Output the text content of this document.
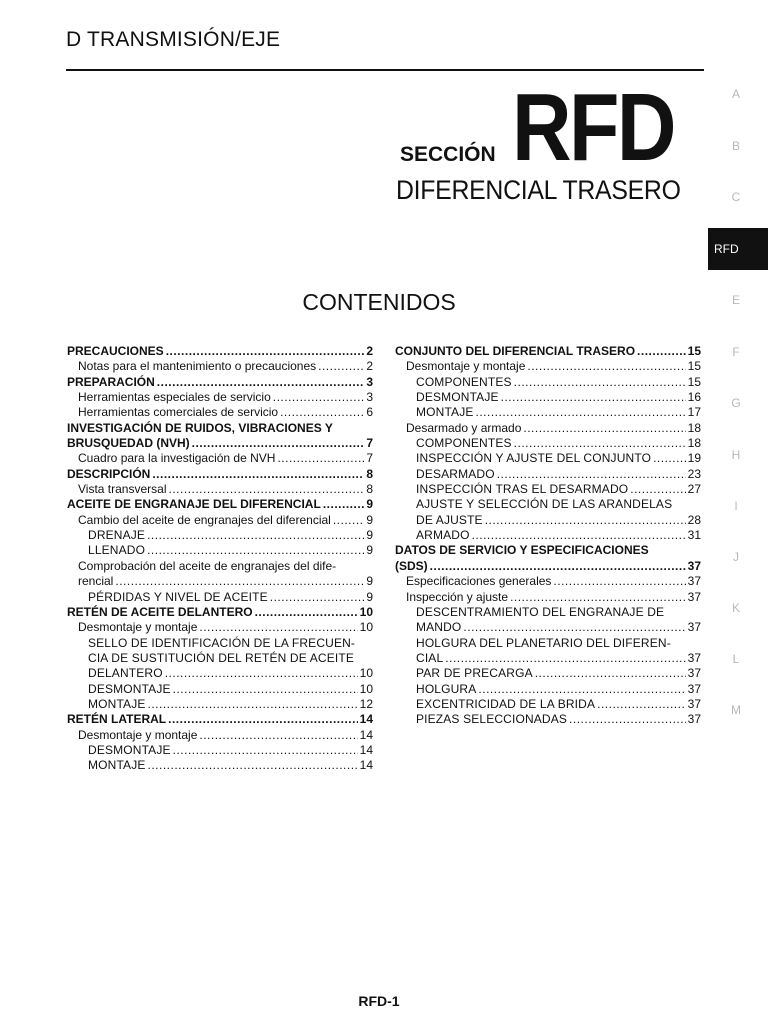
D TRANSMISIÓN/EJE
SECCIÓN RFD
DIFERENCIAL TRASERO
CONTENIDOS
A
B
C
RFD
E
F
G
H
I
J
K
L
M
PRECAUCIONES .....	2
Notas para el mantenimiento o precauciones .....	2
PREPARACIÓN .....	3
Herramientas especiales de servicio .....	3
Herramientas comerciales de servicio .....	6
INVESTIGACIÓN DE RUIDOS, VIBRACIONES Y
BRUSQUEDAD (NVH) .....	7
Cuadro para la investigación de NVH .....	7
DESCRIPCIÓN .....	8
Vista transversal .....	8
ACEITE DE ENGRANAJE DEL DIFERENCIAL .....	9
Cambio del aceite de engranajes del diferencial .....	9
DRENAJE .....	9
LLENADO .....	9
Comprobación del aceite de engranajes del dife-
rencial .....	9
PÉRDIDAS Y NIVEL DE ACEITE .....	9
RETÉN DE ACEITE DELANTERO .....	10
Desmontaje y montaje .....	10
SELLO DE IDENTIFICACIÓN DE LA FRECUEN-
CIA DE SUSTITUCIÓN DEL RETÉN DE ACEITE
DELANTERO .....	10
DESMONTAJE .....	10
MONTAJE .....	12
RETÉN LATERAL .....	14
Desmontaje y montaje .....	14
DESMONTAJE .....	14
MONTAJE .....	14
CONJUNTO DEL DIFERENCIAL TRASERO .....	15
Desmontaje y montaje .....	15
COMPONENTES .....	15
DESMONTAJE .....	16
MONTAJE .....	17
Desarmado y armado .....	18
COMPONENTES .....	18
INSPECCIÓN Y AJUSTE DEL CONJUNTO .....	19
DESARMADO .....	23
INSPECCIÓN TRAS EL DESARMADO .....	27
AJUSTE Y SELECCIÓN DE LAS ARANDELAS
DE AJUSTE .....	28
ARMADO .....	31
DATOS DE SERVICIO Y ESPECIFICACIONES
(SDS) .....	37
Especificaciones generales .....	37
Inspección y ajuste .....	37
DESCENTRAMIENTO DEL ENGRANAJE DE
MANDO .....	37
HOLGURA DEL PLANETARIO DEL DIFEREN-
CIAL .....	37
PAR DE PRECARGA .....	37
HOLGURA .....	37
EXCENTRICIDAD DE LA BRIDA .....	37
PIEZAS SELECCIONADAS .....	37
RFD-1
